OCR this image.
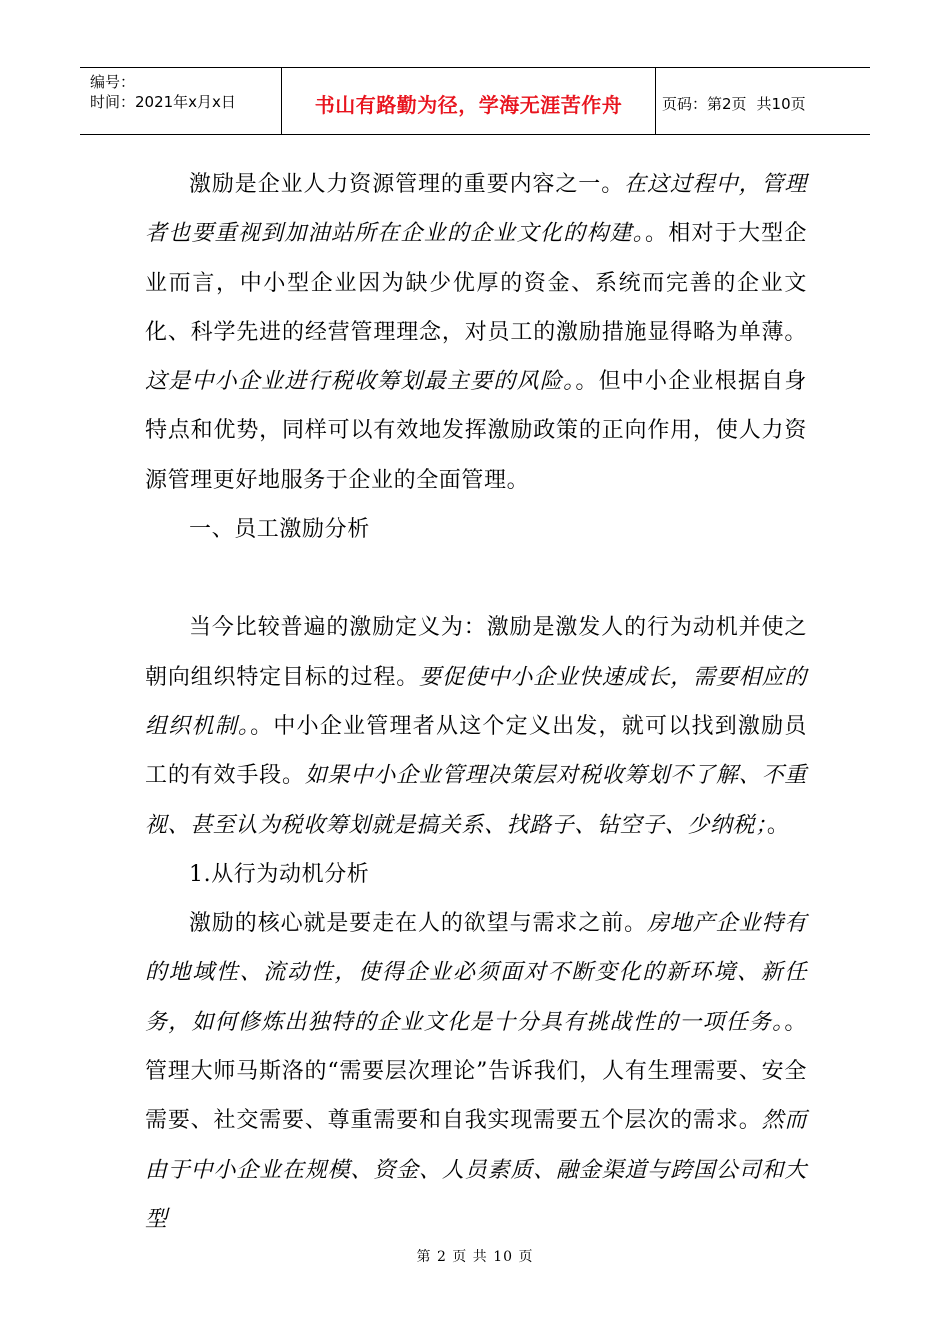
编号：
时间：2021年x月x日	书山有路勤为径，学海无涯苦作舟	页码：第2页 共10页

激励是企业人力资源管理的重要内容之一。在这过程中，管理者也要重视到加油站所在企业的企业文化的构建。。相对于大型企业而言，中小型企业因为缺少优厚的资金、系统而完善的企业文化、科学先进的经营管理理念，对员工的激励措施显得略为单薄。这是中小企业进行税收筹划最主要的风险。。但中小企业根据自身特点和优势，同样可以有效地发挥激励政策的正向作用，使人力资源管理更好地服务于企业的全面管理。

一、员工激励分析

当今比较普遍的激励定义为：激励是激发人的行为动机并使之朝向组织特定目标的过程。要促使中小企业快速成长，需要相应的组织机制。。中小企业管理者从这个定义出发，就可以找到激励员工的有效手段。如果中小企业管理决策层对税收筹划不了解、不重视、甚至认为税收筹划就是搞关系、找路子、钻空子、少纳税；。

1.从行为动机分析

激励的核心就是要走在人的欲望与需求之前。房地产企业特有的地域性、流动性，使得企业必须面对不断变化的新环境、新任务，如何修炼出独特的企业文化是十分具有挑战性的一项任务。。管理大师马斯洛的“需要层次理论”告诉我们，人有生理需要、安全需要、社交需要、尊重需要和自我实现需要五个层次的需求。然而由于中小企业在规模、资金、人员素质、融金渠道与跨国公司和大型

第 2 页 共 10 页
